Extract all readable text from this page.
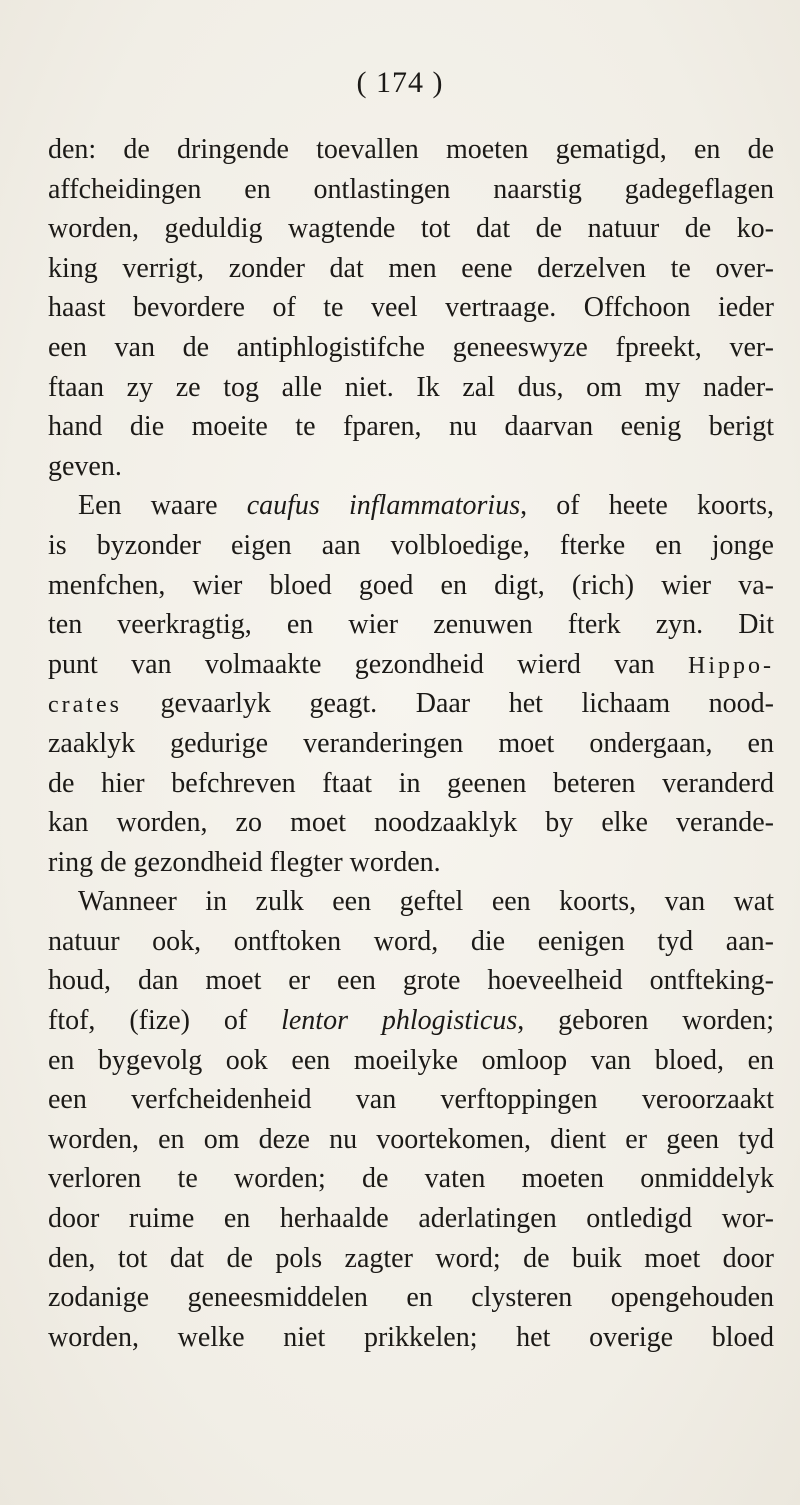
( 174 )
den: de dringende toevallen moeten gematigd, en de
affcheidingen en ontlastingen naarstig gadegeflagen
worden, geduldig wagtende tot dat de natuur de ko-
king verrigt, zonder dat men eene derzelven te over-
haast bevordere of te veel vertraage. Offchoon ieder
een van de antiphlogistifche geneeswyze fpreekt, ver-
ftaan zy ze tog alle niet. Ik zal dus, om my nader-
hand die moeite te fparen, nu daarvan eenig berigt
geven.
Een waare caufus inflammatorius, of heete koorts,
is byzonder eigen aan volbloedige, fterke en jonge
menfchen, wier bloed goed en digt, (rich) wier va-
ten veerkragtig, en wier zenuwen fterk zyn. Dit
punt van volmaakte gezondheid wierd van Hippo-
crates gevaarlyk geagt. Daar het lichaam nood-
zaaklyk gedurige veranderingen moet ondergaan, en
de hier befchreven ftaat in geenen beteren veranderd
kan worden, zo moet noodzaaklyk by elke verande-
ring de gezondheid flegter worden.
Wanneer in zulk een geftel een koorts, van wat
natuur ook, ontftoken word, die eenigen tyd aan-
houd, dan moet er een grote hoeveelheid ontfteking-
ftof, (fize) of lentor phlogisticus, geboren worden;
en bygevolg ook een moeilyke omloop van bloed, en
een verfcheidenheid van verftoppingen veroorzaakt
worden, en om deze nu voortekomen, dient er geen tyd
verloren te worden; de vaten moeten onmiddelyk
door ruime en herhaalde aderlatingen ontledigd wor-
den, tot dat de pols zagter word; de buik moet door
zodanige geneesmiddelen en clysteren opengehouden
worden, welke niet prikkelen; het overige bloed
